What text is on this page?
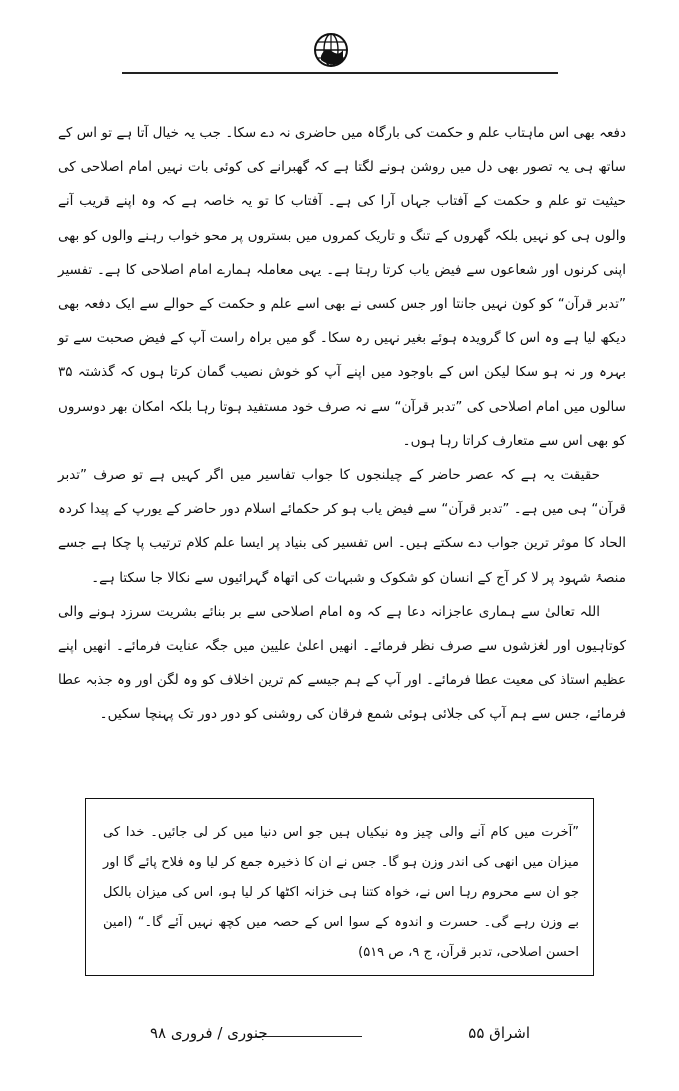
دفعہ بھی اس ماہتاب علم و حکمت کی بارگاہ میں حاضری نہ دے سکا۔ جب یہ خیال آتا ہے تو اس کے ساتھ ہی یہ تصور بھی دل میں روشن ہونے لگتا ہے کہ گھبرانے کی کوئی بات نہیں امام اصلاحی کی حیثیت تو علم و حکمت کے آفتاب جہاں آرا کی ہے۔ آفتاب کا تو یہ خاصہ ہے کہ وہ اپنے قریب آنے والوں ہی کو نہیں بلکہ گھروں کے تنگ و تاریک کمروں میں بستروں پر محو خواب رہنے والوں کو بھی اپنی کرنوں اور شعاعوں سے فیض یاب کرتا رہتا ہے۔ یہی معاملہ ہمارے امام اصلاحی کا ہے۔ تفسیر ”تدبر قرآن“ کو کون نہیں جانتا اور جس کسی نے بھی اسے علم و حکمت کے حوالے سے ایک دفعہ بھی دیکھ لیا ہے وہ اس کا گرویدہ ہوئے بغیر نہیں رہ سکا۔ گو میں براہ راست آپ کے فیض صحبت سے تو بہرہ ور نہ ہو سکا لیکن اس کے باوجود میں اپنے آپ کو خوش نصیب گمان کرتا ہوں کہ گذشتہ ۳۵ سالوں میں امام اصلاحی کی ”تدبر قرآن“ سے نہ صرف خود مستفید ہوتا رہا بلکہ امکان بھر دوسروں کو بھی اس سے متعارف کراتا رہا ہوں۔

حقیقت یہ ہے کہ عصر حاضر کے چیلنجوں کا جواب تفاسیر میں اگر کہیں ہے تو صرف ”تدبر قرآن“ ہی میں ہے۔ ”تدبر قرآن“ سے فیض یاب ہو کر حکمائے اسلام دور حاضر کے یورپ کے پیدا کردہ الحاد کا موثر ترین جواب دے سکتے ہیں۔ اس تفسیر کی بنیاد پر ایسا علم کلام ترتیب پا چکا ہے جسے منصۂ شہود پر لا کر آج کے انسان کو شکوک و شبہات کی اتھاہ گہرائیوں سے نکالا جا سکتا ہے۔

اللہ تعالیٰ سے ہماری عاجزانہ دعا ہے کہ وہ امام اصلاحی سے بر بنائے بشریت سرزد ہونے والی کوتاہیوں اور لغزشوں سے صرف نظر فرمائے۔ انھیں اعلیٰ علیین میں جگہ عنایت فرمائے۔ انھیں اپنے عظیم استاذ کی معیت عطا فرمائے۔ اور آپ کے ہم جیسے کم ترین اخلاف کو وہ لگن اور وہ جذبہ عطا فرمائے، جس سے ہم آپ کی جلائی ہوئی شمع فرقان کی روشنی کو دور دور تک پہنچا سکیں۔

”آخرت میں کام آنے والی چیز وہ نیکیاں ہیں جو اس دنیا میں کر لی جائیں۔ خدا کی میزان میں انھی کی اندر وزن ہو گا۔ جس نے ان کا ذخیرہ جمع کر لیا وہ فلاح پائے گا اور جو ان سے محروم رہا اس نے، خواہ کتنا ہی خزانہ اکٹھا کر لیا ہو، اس کی میزان بالکل بے وزن رہے گی۔ حسرت و اندوہ کے سوا اس کے حصہ میں کچھ نہیں آئے گا۔“ (امین احسن اصلاحی، تدبر قرآن، ج ۹، ص ۵۱۹)

اشراق ۵۵
جنوری / فروری ۹۸
